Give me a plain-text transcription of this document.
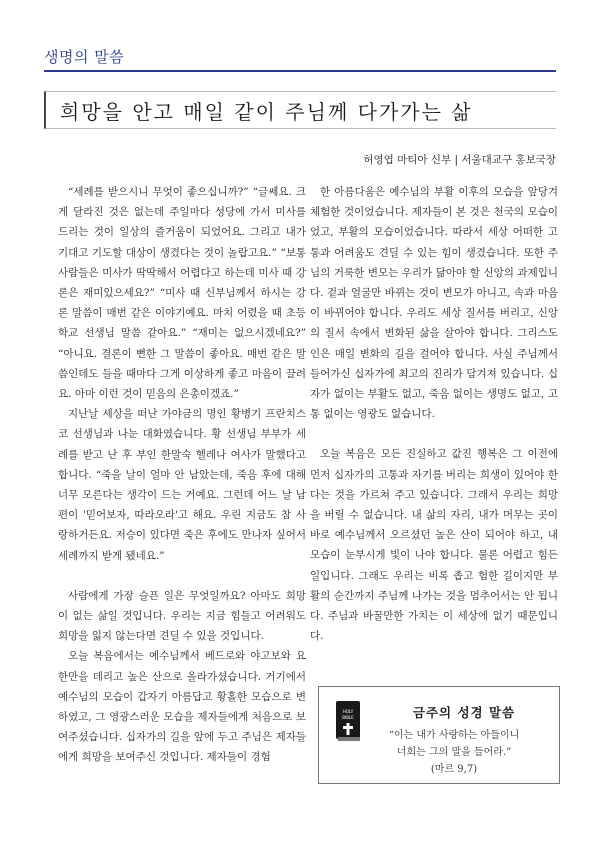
생명의 말씀
희망을 안고 매일 같이 주님께 다가가는 삶
허영엽 마티아 신부 | 서울대교구 홍보국장

“세례를 받으시니 무엇이 좋으십니까?” “글쎄요. 크게 달라진 것은 없는데 주일마다 성당에 가서 미사를 드리는 것이 일상의 즐거움이 되었어요. 그리고 내가 기대고 기도할 대상이 생겼다는 것이 놀랍고요.” “보통 사람들은 미사가 딱딱해서 어렵다고 하는데 미사 때 강론은 재미있으세요?” “미사 때 신부님께서 하시는 강론 말씀이 매번 같은 이야기예요. 마치 어렸을 때 초등학교 선생님 말씀 같아요.” “재미는 없으시겠네요?” “아니요. 결론이 뻔한 그 말씀이 좋아요. 매번 같은 말씀인데도 들을 때마다 그게 이상하게 좋고 마음이 끌려요. 아마 이런 것이 믿음의 은총이겠죠.”

지난날 세상을 떠난 가야금의 명인 황병기 프란치스코 선생님과 나눈 대화였습니다. 황 선생님 부부가 세례를 받고 난 후 부인 한말숙 헬레나 여사가 말했다고 합니다. “죽을 날이 얼마 안 남았는데, 죽음 후에 대해 너무 모른다는 생각이 드는 거예요. 그런데 어느 날 남편이 '믿어보자, 따라오라'고 해요. 우린 지금도 참 사랑하거든요. 저승이 있다면 죽은 후에도 만나자 싶어서 세례까지 받게 됐네요.”

사람에게 가장 슬픈 일은 무엇일까요? 아마도 희망이 없는 삶일 것입니다. 우리는 지금 힘들고 어려워도 희망을 잃지 않는다면 견딜 수 있을 것입니다.

오늘 복음에서는 예수님께서 베드로와 야고보와 요한만을 데리고 높은 산으로 올라가셨습니다. 거기에서 예수님의 모습이 갑자기 아름답고 황홀한 모습으로 변하였고, 그 영광스러운 모습을 제자들에게 처음으로 보여주셨습니다. 십자가의 길을 앞에 두고 주님은 제자들에게 희망을 보여주신 것입니다. 제자들이 경험

한 아름다움은 예수님의 부활 이후의 모습을 앞당겨 체험한 것이었습니다. 제자들이 본 것은 천국의 모습이었고, 부활의 모습이었습니다. 따라서 세상 어떠한 고통과 어려움도 견딜 수 있는 힘이 생겼습니다. 또한 주님의 거룩한 변모는 우리가 닮아야 할 신앙의 과제입니다. 겉과 얼굴만 바뀌는 것이 변모가 아니고, 속과 마음이 바뀌어야 합니다. 우리도 세상 질서를 버리고, 신앙의 질서 속에서 변화된 삶을 살아야 합니다. 그리스도인은 매일 변화의 길을 걸어야 합니다. 사실 주님께서 들어가신 십자가에 최고의 진리가 담겨져 있습니다. 십자가 없이는 부활도 없고, 죽음 없이는 생명도 없고, 고통 없이는 영광도 없습니다.

오늘 복음은 모든 진실하고 값진 행복은 그 이전에 먼저 십자가의 고통과 자기를 버리는 희생이 있어야 한다는 것을 가르쳐 주고 있습니다. 그래서 우리는 희망을 버릴 수 없습니다. 내 삶의 자리, 내가 머무는 곳이 바로 예수님께서 오르셨던 높은 산이 되어야 하고, 내 모습이 눈부시게 빛이 나야 합니다. 물론 어렵고 힘든 일입니다. 그래도 우리는 비록 좁고 험한 길이지만 부활의 순간까지 주님께 나가는 것을 멈추어서는 안 됩니다. 주님과 바꿀만한 가치는 이 세상에 없기 때문입니다.

HOLY
BIBLE	금주의 성경 말씀
“이는 내가 사랑하는 아들이니
너희는 그의 말을 들어라.”
(마르 9,7)
